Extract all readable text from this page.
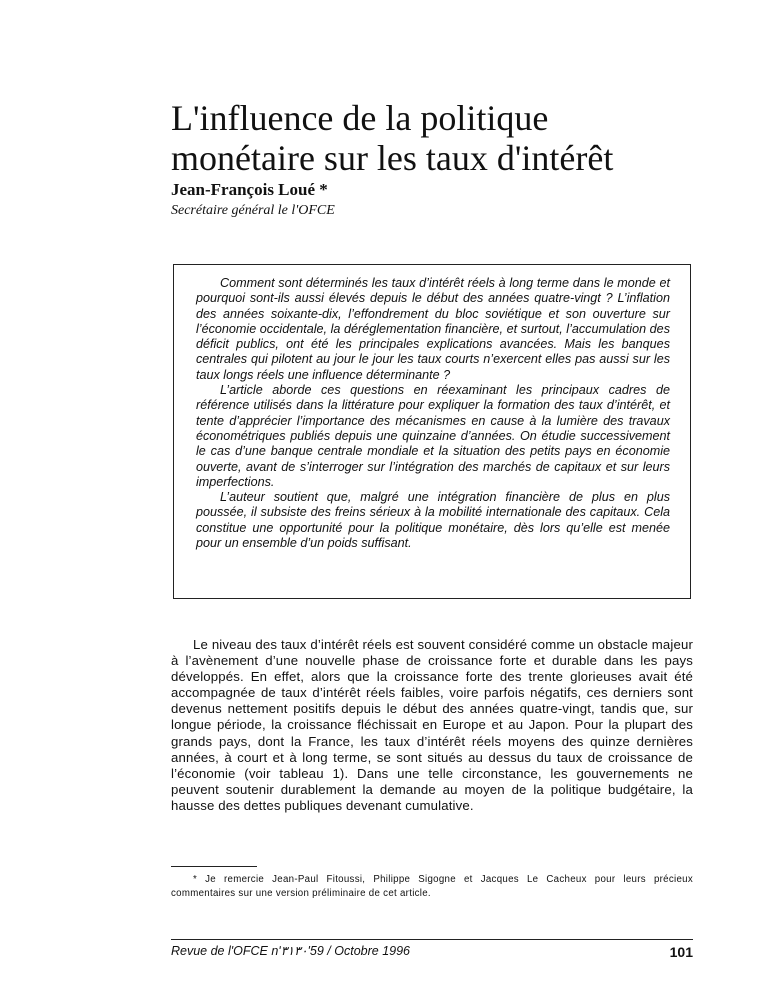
L'influence de la politique
monétaire sur les taux d'intérêt
Jean-François Loué *
Secrétaire général le l'OFCE

Comment sont déterminés les taux d’intérêt réels à long terme dans le monde et pourquoi sont-ils aussi élevés depuis le début des années quatre-vingt ? L’inflation des années soixante-dix, l’effondrement du bloc soviétique et son ouverture sur l’économie occidentale, la déréglementation financière, et surtout, l’accumulation des déficit publics, ont été les principales explications avancées. Mais les banques centrales qui pilotent au jour le jour les taux courts n’exercent elles pas aussi sur les taux longs réels une influence déterminante ?

L’article aborde ces questions en réexaminant les principaux cadres de référence utilisés dans la littérature pour expliquer la formation des taux d’intérêt, et tente d’apprécier l’importance des mécanismes en cause à la lumière des travaux économétriques publiés depuis une quinzaine d’années. On étudie successivement le cas d’une banque centrale mondiale et la situation des petits pays en économie ouverte, avant de s’interroger sur l’intégration des marchés de capitaux et sur leurs imperfections.

L’auteur soutient que, malgré une intégration financière de plus en plus poussée, il subsiste des freins sérieux à la mobilité internationale des capitaux. Cela constitue une opportunité pour la politique monétaire, dès lors qu’elle est menée pour un ensemble d’un poids suffisant.

Le niveau des taux d’intérêt réels est souvent considéré comme un obstacle majeur à l’avènement d’une nouvelle phase de croissance forte et durable dans les pays développés. En effet, alors que la croissance forte des trente glorieuses avait été accompagnée de taux d’intérêt réels faibles, voire parfois négatifs, ces derniers sont devenus nettement positifs depuis le début des années quatre-vingt, tandis que, sur longue période, la croissance fléchissait en Europe et au Japon. Pour la plupart des grands pays, dont la France, les taux d’intérêt réels moyens des quinze dernières années, à court et à long terme, se sont situés au dessus du taux de croissance de l’économie (voir tableau 1). Dans une telle circonstance, les gouvernements ne peuvent soutenir durablement la demande au moyen de la politique budgétaire, la hausse des dettes publiques devenant cumulative.

* Je remercie Jean-Paul Fitoussi, Philippe Sigogne et Jacques Le Cacheux pour leurs précieux commentaires sur une version préliminaire de cet article.

Revue de l'OFCE nʹ٣١٣٠'59 / Octobre 1996	101
